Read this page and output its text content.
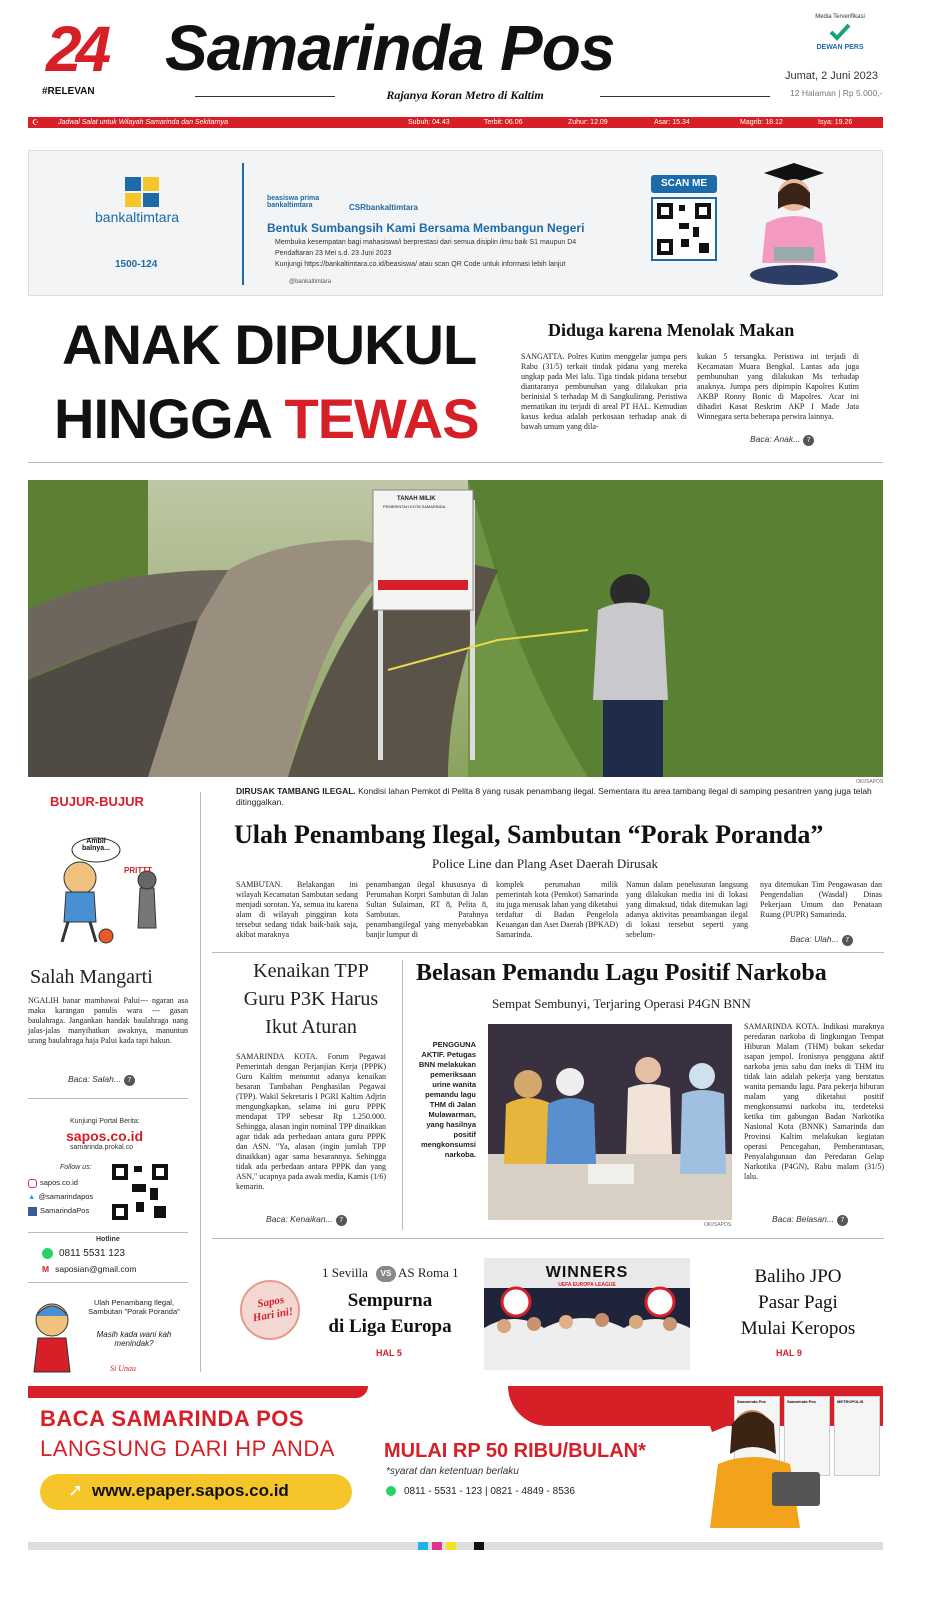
24
#RELEVAN
Samarinda Pos
Rajanya Koran Metro di Kaltim
Media Terverifikasi
DEWAN PERS
Jumat, 2 Juni 2023
12 Halaman | Rp 5.000,-
☪	Jadwal Salat untuk Wilayah Samarinda dan Sekitarnya	Subuh: 04.43	Terbit: 06.06	Zuhur: 12.09	Asar: 15.34	Magrib: 18.12	Isya: 19.26
bankaltimtara
1500-124
beasiswa prima bankaltimtara	CSRbankaltimtara
Bentuk Sumbangsih Kami Bersama Membangun Negeri
Membuka kesempatan bagi mahasiswa/i berprestasi dari semua disiplin ilmu baik S1 maupun D4
Pendaftaran 23 Mei s.d. 23 Juni 2023
Kunjungi https://bankaltimtara.co.id/beasiswa/ atau scan QR Code untuk informasi lebih lanjut
@bankaltimtara
SCAN ME
ANAK DIPUKUL
HINGGA TEWAS
Diduga karena Menolak Makan
SANGATTA. Polres Kutim menggelar jumpa pers Rabu (31/5) terkait tindak pidana yang mereka ungkap pada Mei lalu. Tiga tindak pidana tersebut diantaranya pembunuhan yang dilakukan pria berinisial S terhadap M di Sangkulirang. Peristiwa mematikan itu terjadi di areal PT HAL. Kemudian kasus kedua adalah perkosaan terhadap anak di bawah umum yang dila-
kukan 5 tersangka. Peristiwa ini terjadi di Kecamatan Muara Bengkal. Lantas ada juga pembunuhan yang dilakukan Ms terhadap anaknya. Jumpa pers dipimpin Kapolres Kutim AKBP Ronny Bonic di Mapolres. Acar ini dihadiri Kasat Reskrim AKP I Made Jata Winnegara serta beberapa perwira lainnya.
Baca: Anak... 7
TANAH MILIK
PEMERINTAH KOTA SAMARINDA
OKI/SAPOS
DIRUSAK TAMBANG ILEGAL. Kondisi lahan Pemkot di Pelita 8 yang rusak penambang ilegal. Sementara itu area tambang ilegal di samping pesantren yang juga telah ditinggalkan.
BUJUR-BUJUR
Ambil balnya...
PRITTT
Salah Mangarti
NGALIH banar mambawai Palui--- ngaran asa maka karangan panulis wara --- gasan baulahraga. Jangankan handak baulahraga nang jalas-jalas manyihatkan awaknya, manuntun urang baulahraga haja Palui kada tapi hakun.
Baca: Salah... 7
Kunjungi Portal Berita:
sapos.co.id
samarinda.prokal.co
Follow us:
sapos.co.id
▲ @samarindapos
SamarindaPos
Hotline
0811 5531 123
M saposian@gmail.com
Ulah Penambang Ilegal, Sambutan "Porak Poranda"
Masih kada wani kah menindak?
Si Unau
Ulah Penambang Ilegal, Sambutan “Porak Poranda”
Police Line dan Plang Aset Daerah Dirusak
SAMBUTAN. Belakangan ini wilayah Kecamatan Sambutan sedang menjadi sorotan. Ya, semua itu karena alam di wilayah pinggiran kota tersebut sedang tidak baik-baik saja, akibat maraknya
penambangan ilegal khususnya di Perumahan Korpri Sambutan di Jalan Sultan Sulaiman, RT 8, Pelita 8, Sambutan. Parahnya penambangilegal yang menyebabkan banjir lumpur di
komplek perumahan milik pemerintah kota (Pemkot) Samarinda itu juga merusak lahan yang diketahui terdaftar di Badan Pengelola Keuangan dan Aset Daerah (BPKAD) Samarinda.
Namun dalam penelusuran langsung yang dilakukan media ini di lokasi yang dimaksud, tidak ditemukan lagi adanya aktivitas penambangan ilegal di lokasi tersebut seperti yang sebelum-
nya ditemukan Tim Pengawasan dan Pengendalian (Wasdal) Dinas Pekerjaan Umum dan Penataan Ruang (PUPR) Samarinda.
Baca: Ulah... 7
Kenaikan TPP
Guru P3K Harus
Ikut Aturan
SAMARINDA KOTA. Forum Pegawai Pemerintah dengan Perjanjian Kerja (PPPK) Guru Kaltim menuntut adanya kenaikan besaran Tambahan Penghasilan Pegawai (TPP). Wakil Sekretaris I PGRI Kaltim Adjrin mengungkapkan, selama ini guru PPPK mendapat TPP sebesar Rp 1.250.000. Sehingga, alasan ingin nominal TPP dinaikkan agar tidak ada perbedaan antara guru PPPK dan ASN. "Ya, alasan (ingin jumlah TPP dinaikkan) agar sama besarannya. Sehingga tidak ada perbedaan antara PPPK dan yang ASN," ucapnya pada awak media, Kamis (1/6) kemarin.
Baca: Kenaikan... 7
Belasan Pemandu Lagu Positif Narkoba
Sempat Sembunyi, Terjaring Operasi P4GN BNN
PENGGUNA AKTIF. Petugas BNN melakukan pemeriksaan urine wanita pemandu lagu THM di Jalan Mulawarman, yang hasilnya positif mengkonsumsi narkoba.
OKI/SAPOS
SAMARINDA KOTA. Indikasi maraknya peredaran narkoba di lingkungan Tempat Hiburan Malam (THM) bukan sekedar isapan jempol. Ironisnya pengguna aktif narkoba jenis sabu dan ineks di THM itu tidak lain adalah pekerja yang berstatus wanita pemandu lagu. Para pekerja hiburan malam yang diketahui positif mengkonsumsi narkoba itu, terdeteksi ketika tim gabungan Badan Narkotika Nasional Kota (BNNK) Samarinda dan Provinsi Kaltim melakukan kegiatan operasi Pencegahan, Pemberantasan, Penyalahgunaan dan Peredaran Gelap Narkotika (P4GN), Rabu malam (31/5) lalu.
Baca: Belasan... 7
Sapos Hari ini!
1 Sevilla	VS AS Roma 1
Sempurna
di Liga Europa
HAL 5
WINNERS
UEFA EUROPA LEAGUE	Baliho JPO
Pasar Pagi
Mulai Keropos
HAL 9
BACA SAMARINDA POS
LANGSUNG DARI HP ANDA
➚ www.epaper.sapos.co.id
MULAI RP 50 RIBU/BULAN*
*syarat dan ketentuan berlaku
0811 - 5531 - 123 | 0821 - 4849 - 8536
Samarinda Pos	Samarinda Pos	METROPOLIS
